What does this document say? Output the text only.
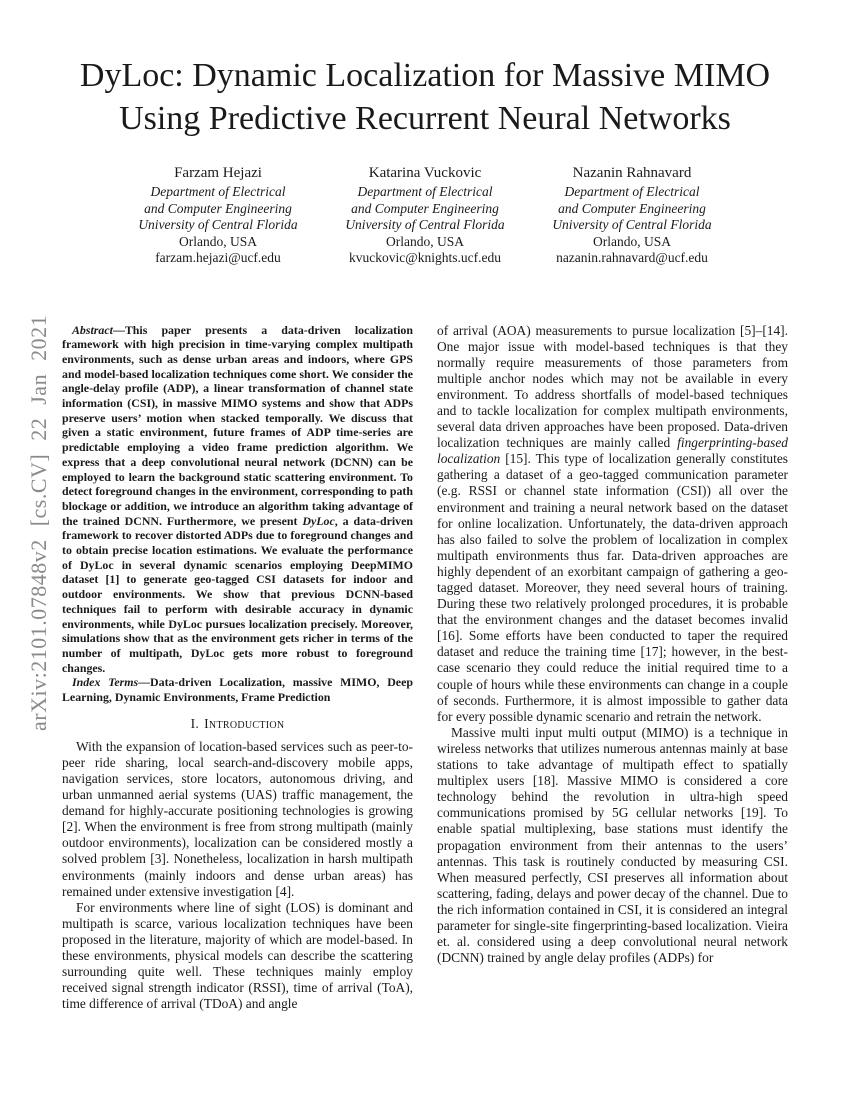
arXiv:2101.07848v2 [cs.CV] 22 Jan 2021
DyLoc: Dynamic Localization for Massive MIMO
Using Predictive Recurrent Neural Networks
Farzam Hejazi
Department of Electrical
and Computer Engineering
University of Central Florida
Orlando, USA
farzam.hejazi@ucf.edu
Katarina Vuckovic
Department of Electrical
and Computer Engineering
University of Central Florida
Orlando, USA
kvuckovic@knights.ucf.edu
Nazanin Rahnavard
Department of Electrical
and Computer Engineering
University of Central Florida
Orlando, USA
nazanin.rahnavard@ucf.edu

Abstract—This paper presents a data-driven localization framework with high precision in time-varying complex multipath environments, such as dense urban areas and indoors, where GPS and model-based localization techniques come short. We consider the angle-delay profile (ADP), a linear transformation of channel state information (CSI), in massive MIMO systems and show that ADPs preserve users’ motion when stacked temporally. We discuss that given a static environment, future frames of ADP time-series are predictable employing a video frame prediction algorithm. We express that a deep convolutional neural network (DCNN) can be employed to learn the background static scattering environment. To detect foreground changes in the environment, corresponding to path blockage or addition, we introduce an algorithm taking advantage of the trained DCNN. Furthermore, we present DyLoc, a data-driven framework to recover distorted ADPs due to foreground changes and to obtain precise location estimations. We evaluate the performance of DyLoc in several dynamic scenarios employing DeepMIMO dataset [1] to generate geo-tagged CSI datasets for indoor and outdoor environments. We show that previous DCNN-based techniques fail to perform with desirable accuracy in dynamic environments, while DyLoc pursues localization precisely. Moreover, simulations show that as the environment gets richer in terms of the number of multipath, DyLoc gets more robust to foreground changes.

Index Terms—Data-driven Localization, massive MIMO, Deep Learning, Dynamic Environments, Frame Prediction

I. Introduction

With the expansion of location-based services such as peer-to-peer ride sharing, local search-and-discovery mobile apps, navigation services, store locators, autonomous driving, and urban unmanned aerial systems (UAS) traffic management, the demand for highly-accurate positioning technologies is growing [2]. When the environment is free from strong multipath (mainly outdoor environments), localization can be considered mostly a solved problem [3]. Nonetheless, localization in harsh multipath environments (mainly indoors and dense urban areas) has remained under extensive investigation [4].

For environments where line of sight (LOS) is dominant and multipath is scarce, various localization techniques have been proposed in the literature, majority of which are model-based. In these environments, physical models can describe the scattering surrounding quite well. These techniques mainly employ received signal strength indicator (RSSI), time of arrival (ToA), time difference of arrival (TDoA) and angle

of arrival (AOA) measurements to pursue localization [5]–[14]. One major issue with model-based techniques is that they normally require measurements of those parameters from multiple anchor nodes which may not be available in every environment. To address shortfalls of model-based techniques and to tackle localization for complex multipath environments, several data driven approaches have been proposed. Data-driven localization techniques are mainly called fingerprinting-based localization [15]. This type of localization generally constitutes gathering a dataset of a geo-tagged communication parameter (e.g. RSSI or channel state information (CSI)) all over the environment and training a neural network based on the dataset for online localization. Unfortunately, the data-driven approach has also failed to solve the problem of localization in complex multipath environments thus far. Data-driven approaches are highly dependent of an exorbitant campaign of gathering a geo-tagged dataset. Moreover, they need several hours of training. During these two relatively prolonged procedures, it is probable that the environment changes and the dataset becomes invalid [16]. Some efforts have been conducted to taper the required dataset and reduce the training time [17]; however, in the best-case scenario they could reduce the initial required time to a couple of hours while these environments can change in a couple of seconds. Furthermore, it is almost impossible to gather data for every possible dynamic scenario and retrain the network.

Massive multi input multi output (MIMO) is a technique in wireless networks that utilizes numerous antennas mainly at base stations to take advantage of multipath effect to spatially multiplex users [18]. Massive MIMO is considered a core technology behind the revolution in ultra-high speed communications promised by 5G cellular networks [19]. To enable spatial multiplexing, base stations must identify the propagation environment from their antennas to the users’ antennas. This task is routinely conducted by measuring CSI. When measured perfectly, CSI preserves all information about scattering, fading, delays and power decay of the channel. Due to the rich information contained in CSI, it is considered an integral parameter for single-site fingerprinting-based localization. Vieira et. al. considered using a deep convolutional neural network (DCNN) trained by angle delay profiles (ADPs) for
